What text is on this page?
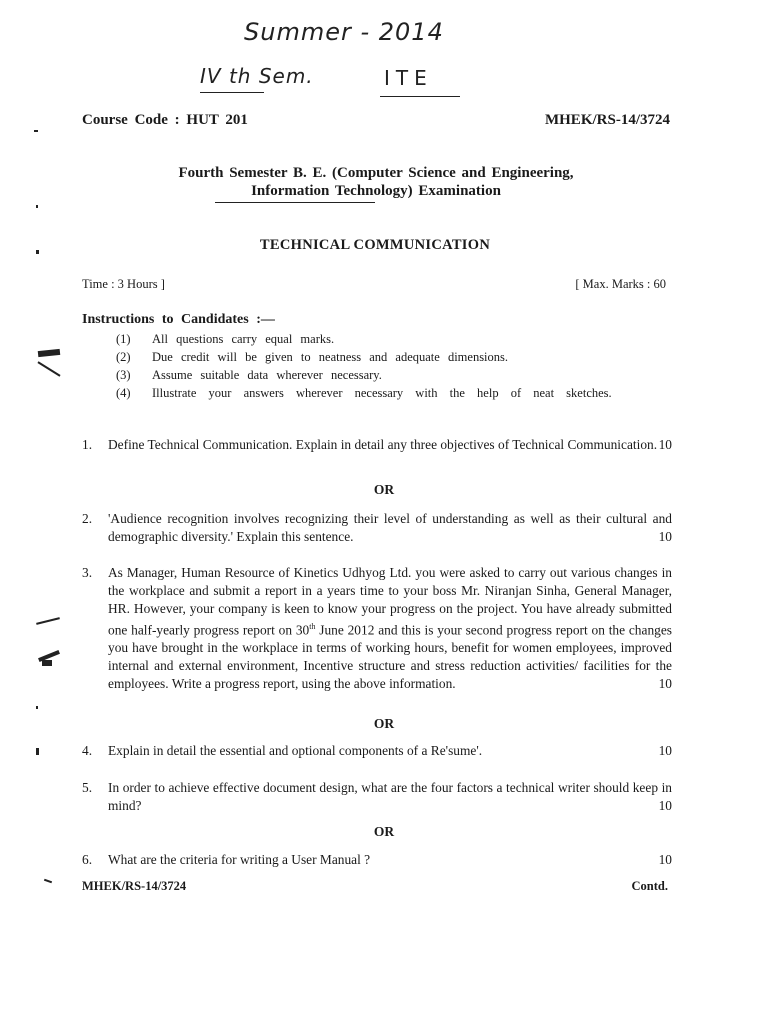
Summer - 2014
IV th Sem.	ITE
Course Code : HUT 201	MHEK/RS-14/3724
Fourth Semester B. E. (Computer Science and Engineering,
Information Technology) Examination
TECHNICAL COMMUNICATION
Time : 3 Hours ]	[ Max. Marks : 60
Instructions to Candidates :—
(1) All questions carry equal marks.
(2) Due credit will be given to neatness and adequate dimensions.
(3) Assume suitable data wherever necessary.
(4) Illustrate your answers wherever necessary with the help of neat sketches.
1. Define Technical Communication. Explain in detail any three objectives of Technical Communication. 10
OR
2. 'Audience recognition involves recognizing their level of understanding as well as their cultural and demographic diversity.' Explain this sentence.	10
3. As Manager, Human Resource of Kinetics Udhyog Ltd. you were asked to carry out various changes in the workplace and submit a report in a years time to your boss Mr. Niranjan Sinha, General Manager, HR. However, your company is keen to know your progress on the project. You have already submitted one half-yearly progress report on 30th June 2012 and this is your second progress report on the changes you have brought in the workplace in terms of working hours, benefit for women employees, improved internal and external environment, Incentive structure and stress reduction activities/ facilities for the employees. Write a progress report, using the above information.	10
OR
4. Explain in detail the essential and optional components of a Re'sume'.	10
5. In order to achieve effective document design, what are the four factors a technical writer should keep in mind?	10
OR
6. What are the criteria for writing a User Manual ?	10
MHEK/RS-14/3724	Contd.
